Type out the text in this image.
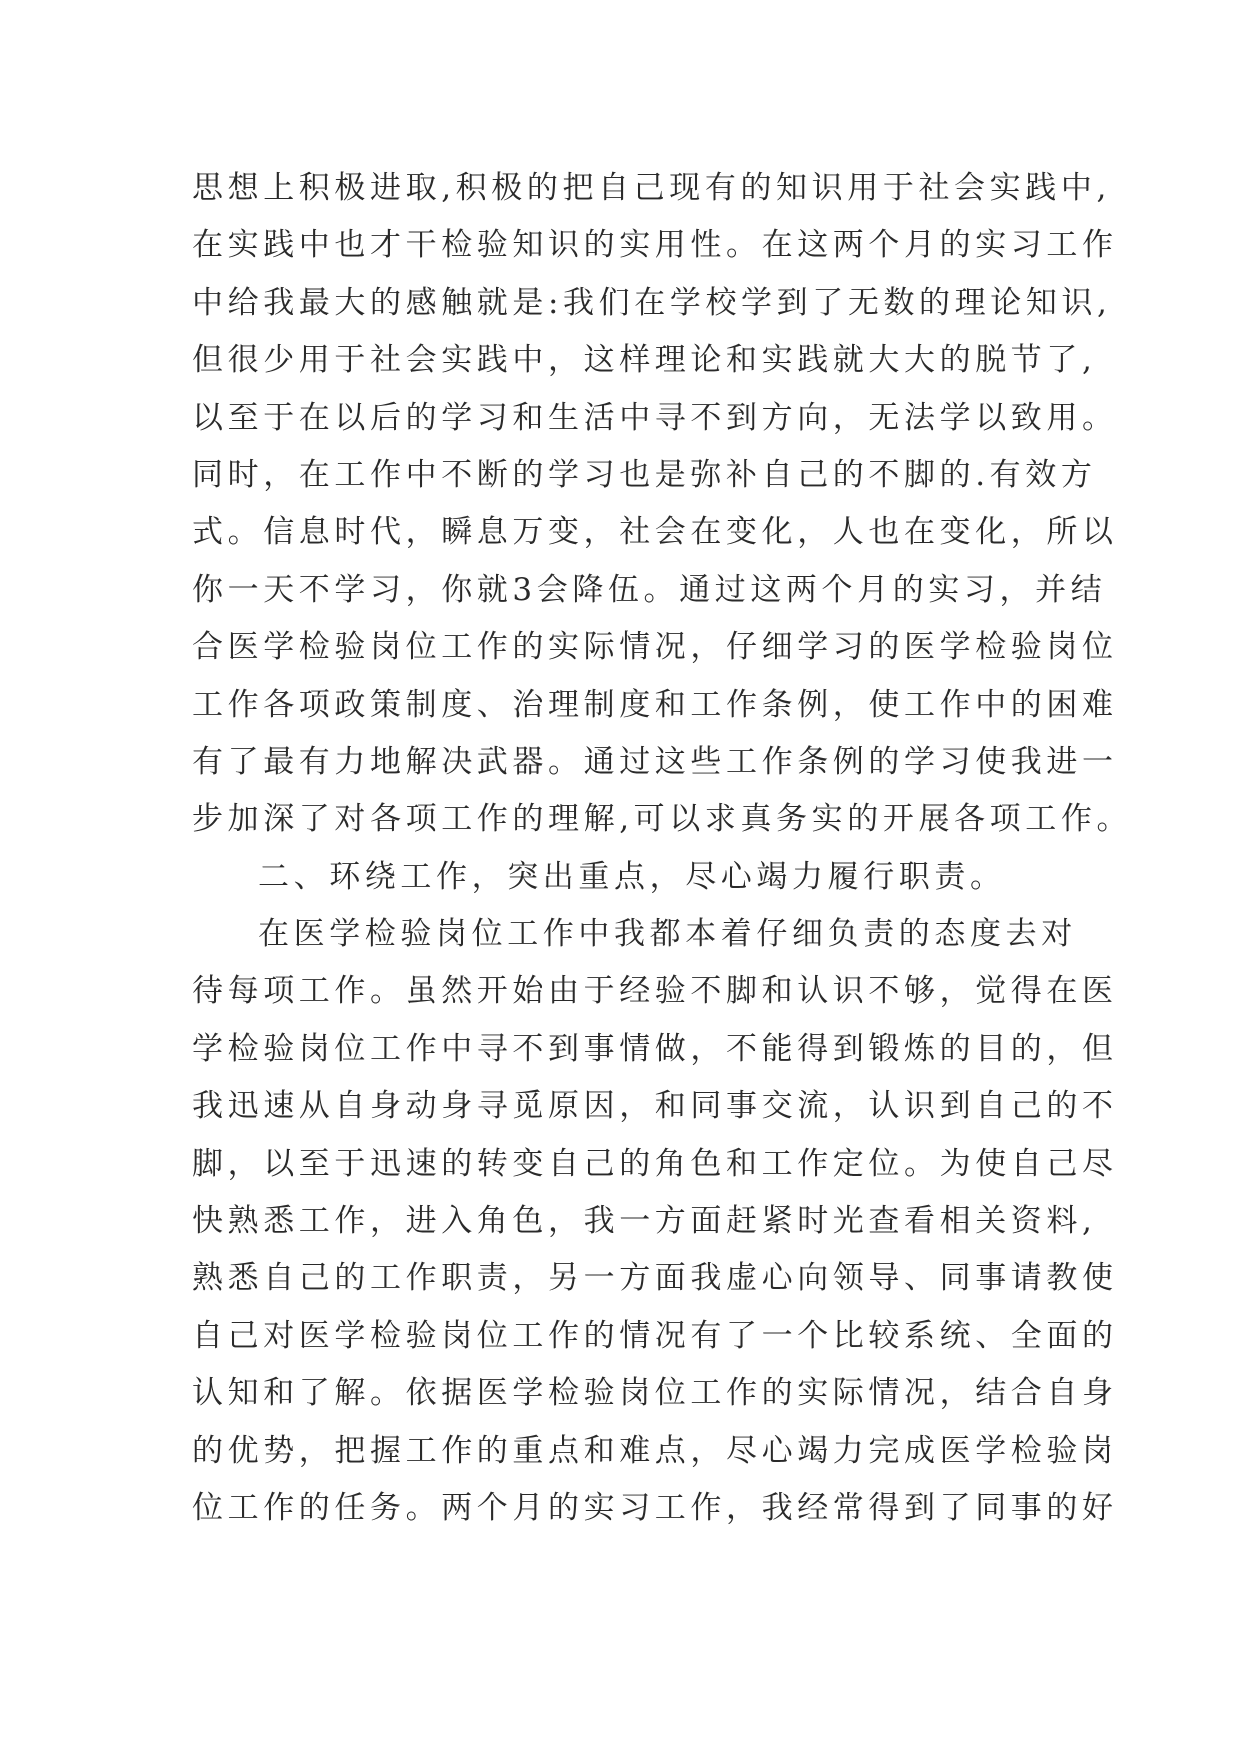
思想上积极进取,积极的把自己现有的知识用于社会实践中,
在实践中也才干检验知识的实用性。在这两个月的实习工作
中给我最大的感触就是:我们在学校学到了无数的理论知识,
但很少用于社会实践中，这样理论和实践就大大的脱节了,
以至于在以后的学习和生活中寻不到方向，无法学以致用。
同时，在工作中不断的学习也是弥补自己的不脚的.有效方
式。信息时代，瞬息万变，社会在变化，人也在变化，所以
你一天不学习，你就3会降伍。通过这两个月的实习，并结
合医学检验岗位工作的实际情况，仔细学习的医学检验岗位
工作各项政策制度、治理制度和工作条例，使工作中的困难
有了最有力地解决武器。通过这些工作条例的学习使我进一
步加深了对各项工作的理解,可以求真务实的开展各项工作。
二、环绕工作，突出重点，尽心竭力履行职责。
在医学检验岗位工作中我都本着仔细负责的态度去对
待每项工作。虽然开始由于经验不脚和认识不够，觉得在医
学检验岗位工作中寻不到事情做，不能得到锻炼的目的，但
我迅速从自身动身寻觅原因，和同事交流，认识到自己的不
脚，以至于迅速的转变自己的角色和工作定位。为使自己尽
快熟悉工作，进入角色，我一方面赶紧时光查看相关资料,
熟悉自己的工作职责，另一方面我虚心向领导、同事请教使
自己对医学检验岗位工作的情况有了一个比较系统、全面的
认知和了解。依据医学检验岗位工作的实际情况，结合自身
的优势，把握工作的重点和难点，尽心竭力完成医学检验岗
位工作的任务。两个月的实习工作，我经常得到了同事的好
